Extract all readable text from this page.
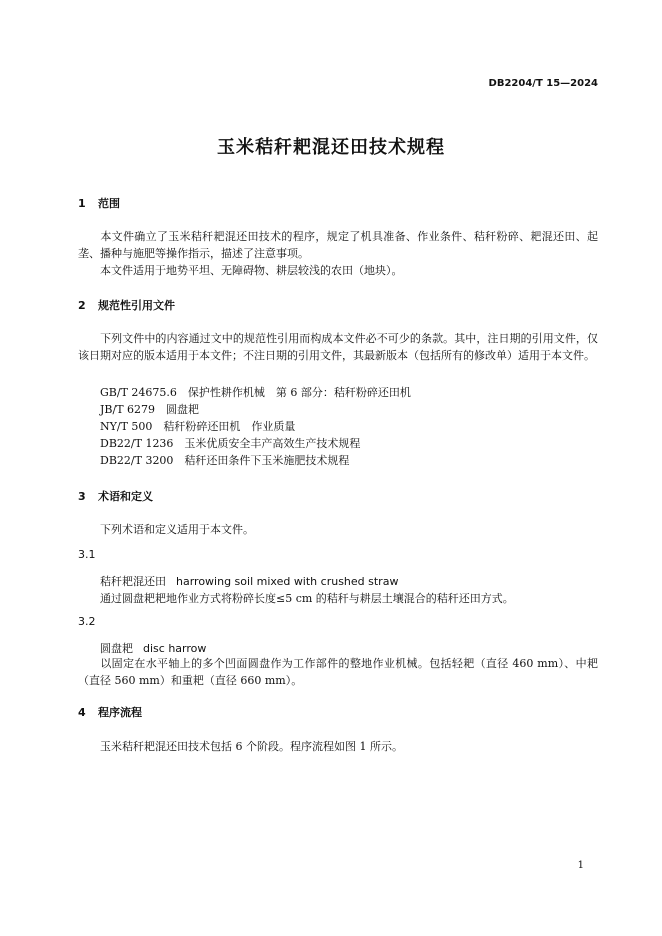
DB2204/T 15—2024
玉米秸秆耙混还田技术规程
1 范围
本文件确立了玉米秸秆耙混还田技术的程序，规定了机具准备、作业条件、秸秆粉碎、耙混还田、起垄、播种与施肥等操作指示，描述了注意事项。
本文件适用于地势平坦、无障碍物、耕层较浅的农田（地块）。
2 规范性引用文件
下列文件中的内容通过文中的规范性引用而构成本文件必不可少的条款。其中，注日期的引用文件，仅该日期对应的版本适用于本文件；不注日期的引用文件，其最新版本（包括所有的修改单）适用于本文件。
GB/T 24675.6　保护性耕作机械　第 6 部分：秸秆粉碎还田机
JB/T 6279　圆盘耙
NY/T 500　秸秆粉碎还田机　作业质量
DB22/T 1236　玉米优质安全丰产高效生产技术规程
DB22/T 3200　秸秆还田条件下玉米施肥技术规程
3 术语和定义
下列术语和定义适用于本文件。
3.1
秸秆耙混还田 harrowing soil mixed with crushed straw
通过圆盘耙耙地作业方式将粉碎长度≤5 cm 的秸秆与耕层土壤混合的秸秆还田方式。
3.2
圆盘耙 disc harrow
以固定在水平轴上的多个凹面圆盘作为工作部件的整地作业机械。包括轻耙（直径 460 mm）、中耙（直径 560 mm）和重耙（直径 660 mm）。
4 程序流程
玉米秸秆耙混还田技术包括 6 个阶段。程序流程如图 1 所示。
1
